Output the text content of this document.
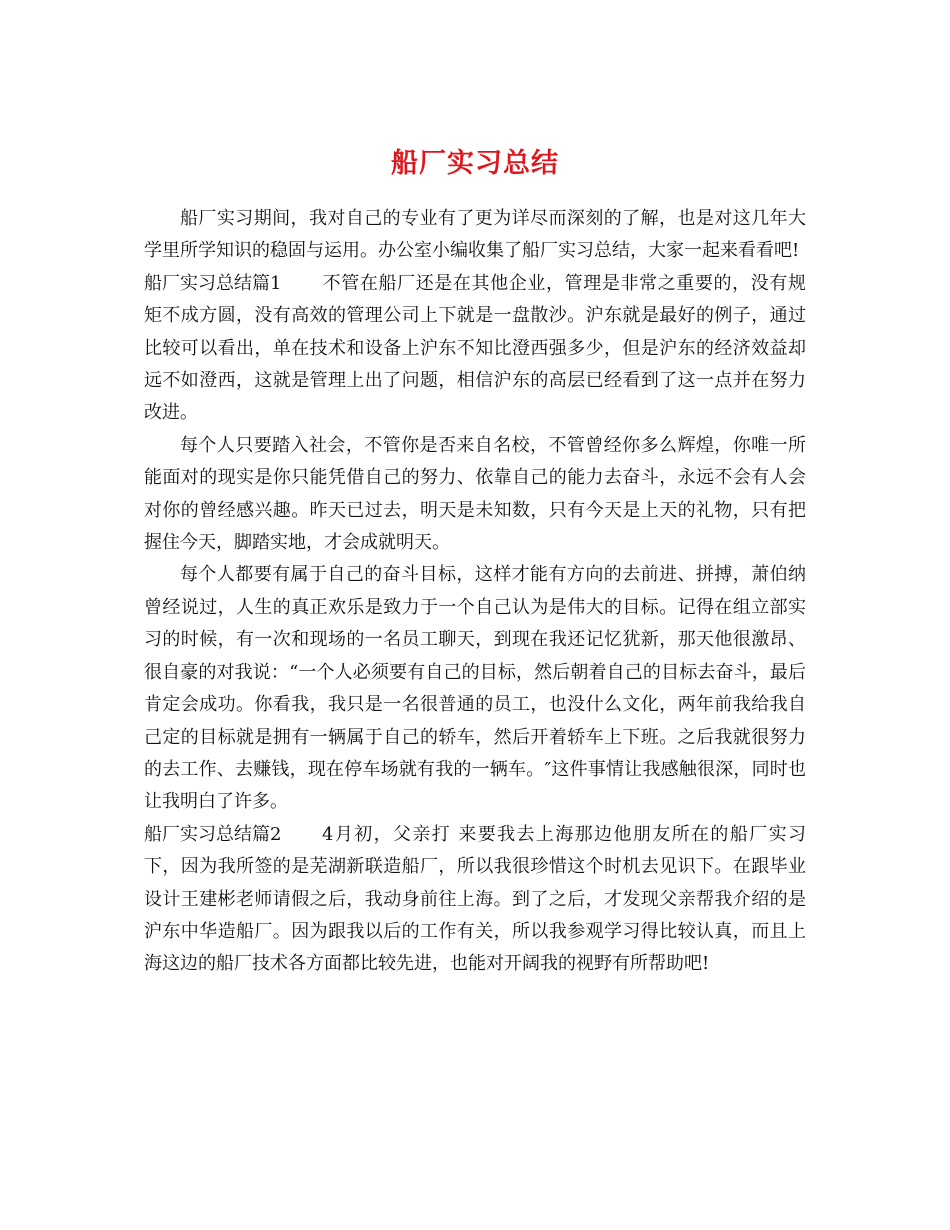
船厂实习总结

船厂实习期间，我对自己的专业有了更为详尽而深刻的了解，也是对这几年大学里所学知识的稳固与运用。办公室小编收集了船厂实习总结，大家一起来看看吧!

船厂实习总结篇1 不管在船厂还是在其他企业，管理是非常之重要的，没有规矩不成方圆，没有高效的管理公司上下就是一盘散沙。沪东就是最好的例子，通过比较可以看出，单在技术和设备上沪东不知比澄西强多少，但是沪东的经济效益却远不如澄西，这就是管理上出了问题，相信沪东的高层已经看到了这一点并在努力改进。

每个人只要踏入社会，不管你是否来自名校，不管曾经你多么辉煌，你唯一所能面对的现实是你只能凭借自己的努力、依靠自己的能力去奋斗，永远不会有人会对你的曾经感兴趣。昨天已过去，明天是未知数，只有今天是上天的礼物，只有把握住今天，脚踏实地，才会成就明天。

每个人都要有属于自己的奋斗目标，这样才能有方向的去前进、拼搏，萧伯纳曾经说过，人生的真正欢乐是致力于一个自己认为是伟大的目标。记得在组立部实习的时候，有一次和现场的一名员工聊天，到现在我还记忆犹新，那天他很激昂、很自豪的对我说：“一个人必须要有自己的目标，然后朝着自己的目标去奋斗，最后肯定会成功。你看我，我只是一名很普通的员工，也没什么文化，两年前我给我自己定的目标就是拥有一辆属于自己的轿车，然后开着轿车上下班。之后我就很努力的去工作、去赚钱，现在停车场就有我的一辆车。″这件事情让我感触很深，同时也让我明白了许多。

船厂实习总结篇2 4月初，父亲打 来要我去上海那边他朋友所在的船厂实习下，因为我所签的是芜湖新联造船厂，所以我很珍惜这个时机去见识下。在跟毕业设计王建彬老师请假之后，我动身前往上海。到了之后，才发现父亲帮我介绍的是沪东中华造船厂。因为跟我以后的工作有关，所以我参观学习得比较认真，而且上海这边的船厂技术各方面都比较先进，也能对开阔我的视野有所帮助吧!
